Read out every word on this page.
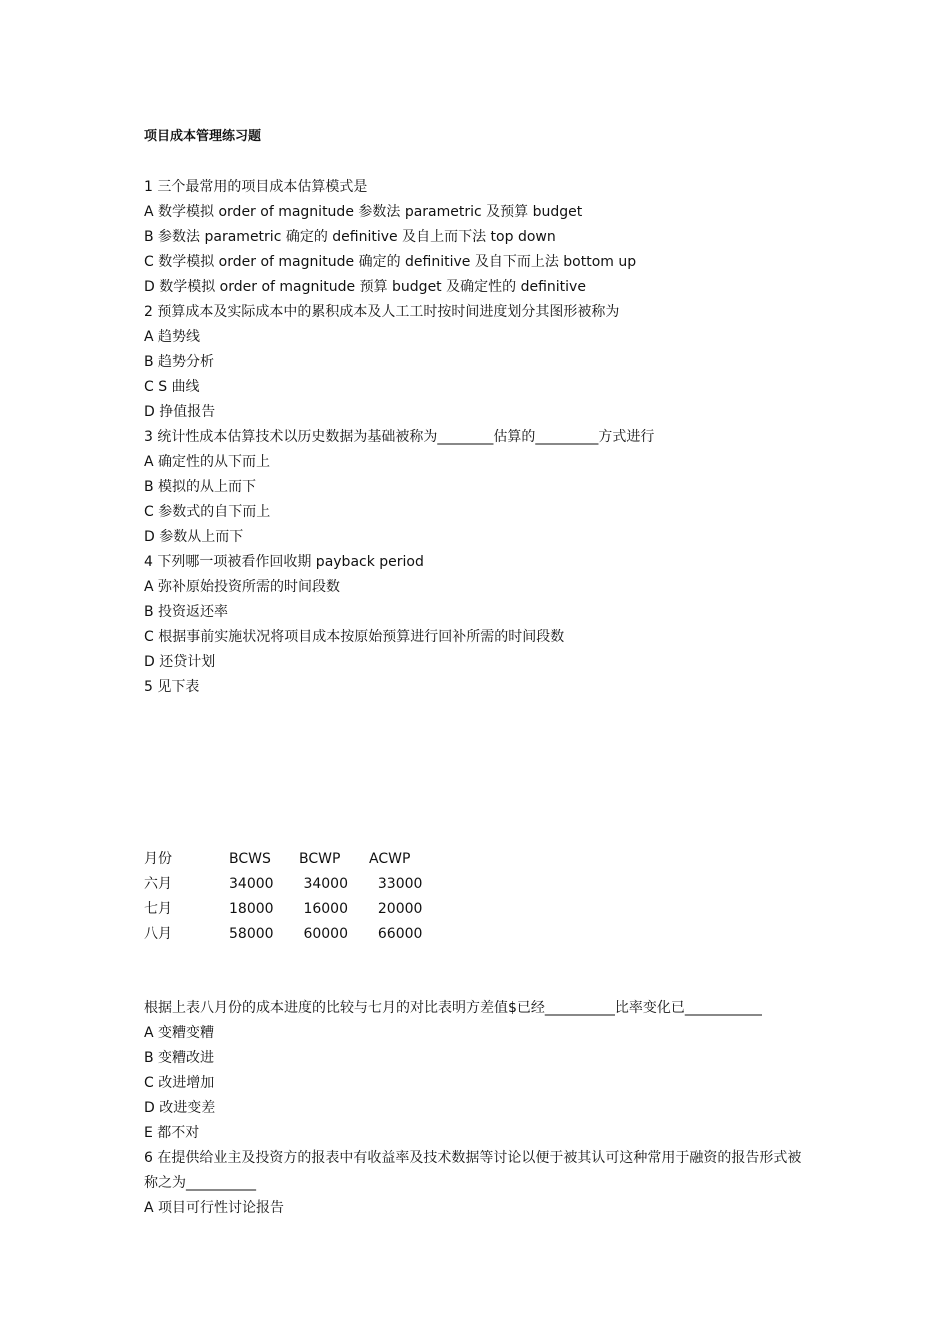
项目成本管理练习题
1 三个最常用的项目成本估算模式是
A 数学模拟 order of magnitude 参数法 parametric 及预算 budget
B 参数法 parametric 确定的 definitive 及自上而下法 top down
C 数学模拟 order of magnitude 确定的 definitive 及自下而上法 bottom up
D 数学模拟 order of magnitude 预算 budget 及确定性的 definitive
2 预算成本及实际成本中的累积成本及人工工时按时间进度划分其图形被称为
A 趋势线
B 趋势分析
C S 曲线
D 挣值报告
3 统计性成本估算技术以历史数据为基础被称为________估算的_________方式进行
A 确定性的从下而上
B 模拟的从上而下
C 参数式的自下而上
D 参数从上而下
4 下列哪一项被看作回收期 payback period
A 弥补原始投资所需的时间段数
B 投资返还率
C 根据事前实施状况将项目成本按原始预算进行回补所需的时间段数
D 还贷计划
5 见下表
月份	BCWS	BCWP	ACWP
六月	34000	34000	33000
七月	18000	16000	20000
八月	58000	60000	66000
根据上表八月份的成本进度的比较与七月的对比表明方差值$已经__________比率变化已___________
A 变糟变糟
B 变糟改进
C 改进增加
D 改进变差
E 都不对
6 在提供给业主及投资方的报表中有收益率及技术数据等讨论以便于被其认可这种常用于融资的报告形式被称之为__________
A 项目可行性讨论报告
